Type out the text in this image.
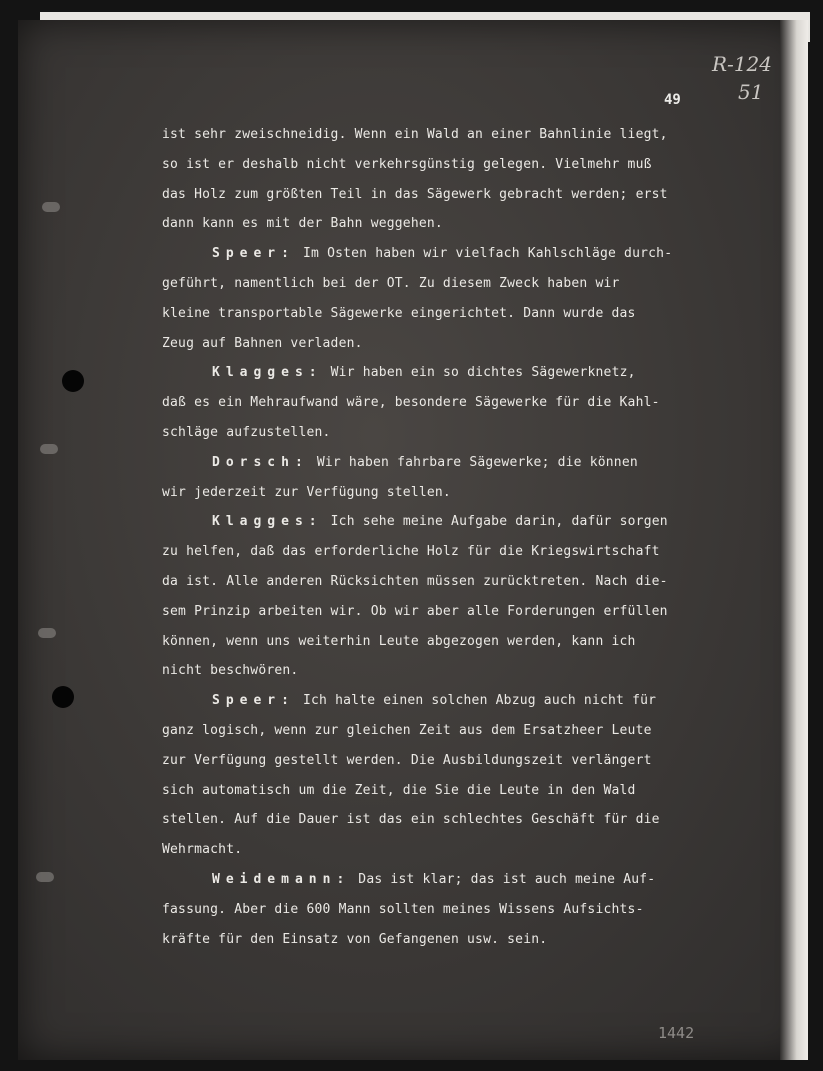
R-124
51
49
ist sehr zweischneidig. Wenn ein Wald an einer Bahnlinie liegt,
so ist er deshalb nicht verkehrsgünstig gelegen. Vielmehr muß
das Holz zum größten Teil in das Sägewerk gebracht werden; erst
dann kann es mit der Bahn weggehen.
Speer: Im Osten haben wir vielfach Kahlschläge durch-
geführt, namentlich bei der OT. Zu diesem Zweck haben wir
kleine transportable Sägewerke eingerichtet. Dann wurde das
Zeug auf Bahnen verladen.
Klagges: Wir haben ein so dichtes Sägewerknetz,
daß es ein Mehraufwand wäre, besondere Sägewerke für die Kahl-
schläge aufzustellen.
Dorsch: Wir haben fahrbare Sägewerke; die können
wir jederzeit zur Verfügung stellen.
Klagges: Ich sehe meine Aufgabe darin, dafür sorgen
zu helfen, daß das erforderliche Holz für die Kriegswirtschaft
da ist. Alle anderen Rücksichten müssen zurücktreten. Nach die-
sem Prinzip arbeiten wir. Ob wir aber alle Forderungen erfüllen
können, wenn uns weiterhin Leute abgezogen werden, kann ich
nicht beschwören.
Speer: Ich halte einen solchen Abzug auch nicht für
ganz logisch, wenn zur gleichen Zeit aus dem Ersatzheer Leute
zur Verfügung gestellt werden. Die Ausbildungszeit verlängert
sich automatisch um die Zeit, die Sie die Leute in den Wald
stellen. Auf die Dauer ist das ein schlechtes Geschäft für die
Wehrmacht.
Weidemann: Das ist klar; das ist auch meine Auf-
fassung. Aber die 600 Mann sollten meines Wissens Aufsichts-
kräfte für den Einsatz von Gefangenen usw. sein.
1442
